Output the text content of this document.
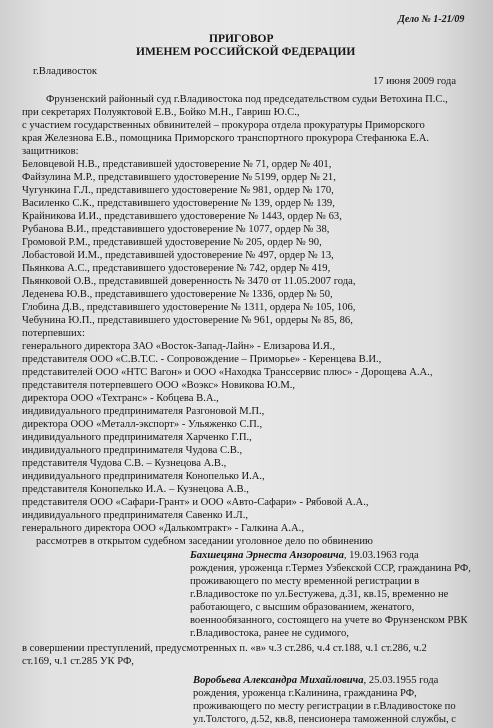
Дело № 1-21/09
ПРИГОВОР
ИМЕНЕМ РОССИЙСКОЙ ФЕДЕРАЦИИ
г.Владивосток
17 июня 2009 года
Фрунзенский районный суд г.Владивостока под председательством судьи Ветохина П.С.,
при секретарях Полуяктовой Е.В., Бойко М.Н., Гавриш Ю.С.,
с участием государственных обвинителей – прокурора отдела прокуратуры Приморского
края Железнова Е.В., помощника Приморского транспортного прокурора Стефанюка Е.А.
защитников:
Беловцевой Н.В., представившей удостоверение № 71, ордер № 401,
Файзулина М.Р., представившего удостоверение № 5199, ордер № 21,
Чугункина Г.Л., представившего удостоверение № 981, ордер № 170,
Василенко С.К., представившего удостоверение № 139, ордер № 139,
Крайникова И.И., представившего удостоверение № 1443, ордер № 63,
Рубанова В.И., представившего удостоверение № 1077, ордер № 38,
Громовой Р.М., представившей удостоверение № 205, ордер № 90,
Лобастовой И.М., представившей удостоверение № 497, ордер № 13,
Пьянкова А.С., представившего удостоверение № 742, ордер № 419,
Пьянковой О.В., представившей доверенность № 3470 от 11.05.2007 года,
Леденева Ю.В., представившего удостоверение № 1336, ордер № 50,
Глобина Д.В., представившего удостоверение № 1311, ордера № 105, 106,
Чебунина Ю.П., представившего удостоверение № 961, ордеры № 85, 86,
потерпевших:
генерального директора ЗАО «Восток-Запад-Лайн» - Елизарова И.Я.,
представителя ООО «С.В.Т.С. - Сопровождение – Приморье» - Керенцева В.И.,
представителей ООО «НТС Вагон» и ООО «Находка Транссервис плюс» - Дорощева А.А.,
представителя потерпевшего ООО «Воэкс» Новикова Ю.М.,
директора ООО «Техтранс» - Кобцева В.А.,
индивидуального предпринимателя Разгоновой М.П.,
директора ООО «Металл-экспорт» - Ульяженко С.П.,
индивидуального предпринимателя Харченко Г.П.,
индивидуального предпринимателя Чудова С.В.,
представителя Чудова С.В. – Кузнецова А.В.,
индивидуального предпринимателя Конопелько И.А.,
представителя Конопелько И.А. – Кузнецова А.В.,
представителя ООО «Сафари-Грант» и ООО «Авто-Сафари» - Рябовой А.А.,
индивидуального предпринимателя Савенко И.Л.,
генерального директора ООО «Далькомтракт» - Галкина А.А.,
рассмотрев в открытом судебном заседании уголовное дело по обвинению
Бахшецяна Эрнеста Анзоровича, 19.03.1963 года
рождения, уроженца г.Термез Узбекской ССР, гражданина РФ,
проживающего по месту временной регистрации в
г.Владивостоке по ул.Бестужева, д.31, кв.15, временно не
работающего, с высшим образованием, женатого,
военнообязанного, состоящего на учете во Фрунзенском РВК
г.Владивостока, ранее не судимого,
в совершении преступлений, предусмотренных п. «в» ч.3 ст.286, ч.4 ст.188, ч.1 ст.286, ч.2
ст.169, ч.1 ст.285 УК РФ,
Воробьева Александра Михайловича, 25.03.1955 года
рождения, уроженца г.Калинина, гражданина РФ,
проживающего по месту регистрации в г.Владивостоке по
ул.Толстого, д.52, кв.8, пенсионера таможенной службы, с
